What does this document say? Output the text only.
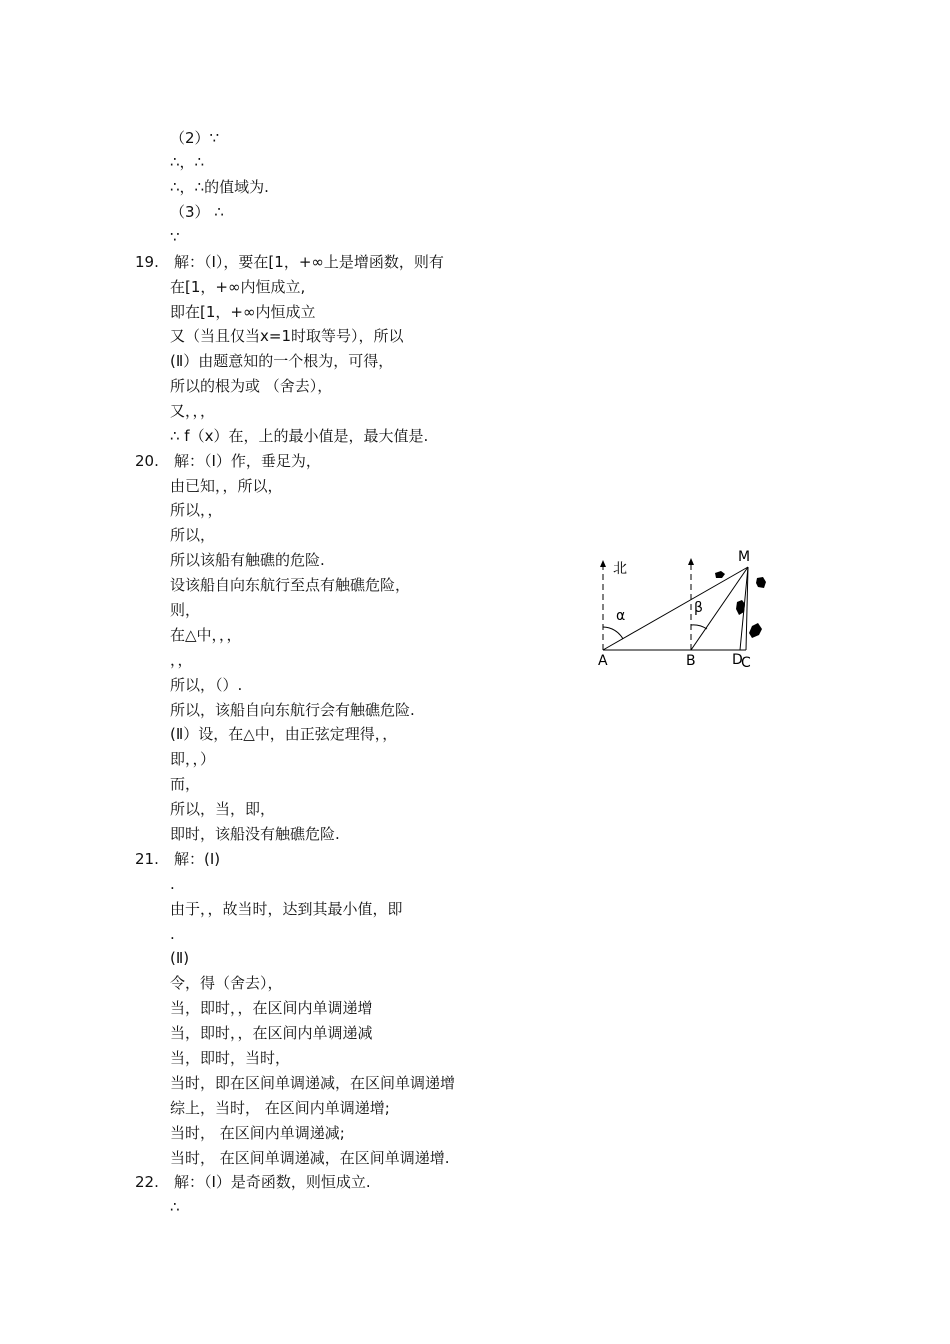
（2）∵
∴，∴
∴，∴的值域为.
（3） ∴
∵
19. 解：（Ⅰ），要在[1，+∞上是增函数，则有
在[1，+∞内恒成立,
即在[1，+∞内恒成立
又（当且仅当x=1时取等号），所以
(Ⅱ）由题意知的一个根为，可得，
所以的根为或 （舍去），
又，，，
∴ f（x）在，上的最小值是，最大值是.
20. 解：（Ⅰ）作，垂足为，
由已知，，所以，
所以，，
所以，
所以该船有触礁的危险.
设该船自向东航行至点有触礁危险，
则，
在△中，，，
，，
所以，（）.
所以，该船自向东航行会有触礁危险.
(Ⅱ）设，在△中，由正弦定理得，，
即，，）
而，
所以，当，即，
即时，该船没有触礁危险.
21. 解：(Ⅰ)
.
由于，，故当时，达到其最小值，即
.
(Ⅱ)
令，得（舍去），
当，即时，，在区间内单调递增
当，即时，，在区间内单调递减
当，即时，当时，
当时，即在区间单调递减，在区间单调递增
综上，当时， 在区间内单调递增;
当时， 在区间内单调递减;
当时， 在区间单调递减，在区间单调递增.
22. 解：（Ⅰ）是奇函数，则恒成立.
∴
北
α	β
M
A	B	D
C
